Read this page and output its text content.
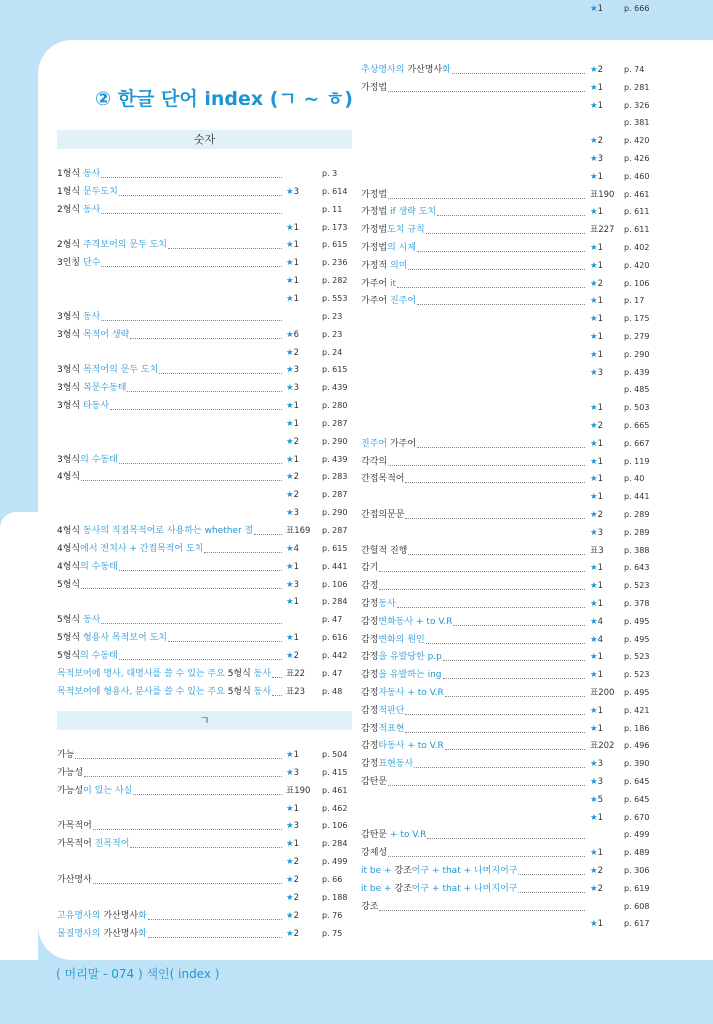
② 한글 단어 index (ㄱ ~ ㅎ)
숫자
ㄱ
1형식 동사	p. 3
1형식 문두도치	★3	p. 614
2형식 동사	p. 11
★1	p. 173
2형식 주격보어의 문두 도치	★1	p. 615
3인칭 단수	★1	p. 236
★1	p. 282
★1	p. 553
3형식 동사	p. 23
3형식 목적어 생략	★6	p. 23
★2	p. 24
3형식 목적어의 문두 도치	★3	p. 615
3형식 복문수동태	★3	p. 439
3형식 타동사	★1	p. 280
★1	p. 287
★2	p. 290
3형식의 수동태	★1	p. 439
4형식	★2	p. 283
★2	p. 287
★3	p. 290
4형식 동사의 직접목적어로 사용하는 whether 절	표169 p. 287
4형식에서 전치사 + 간접목적어 도치	★4	p. 615
4형식의 수동태	★1	p. 441
5형식	★3	p. 106
★1	p. 284
5형식 동사	p. 47
5형식 형용사 목적보어 도치	★1	p. 616
5형식의 수동태	★2	p. 442
목적보어에 명사, 대명사를 쓸 수 있는 주요 5형식 동사 표22 p. 47
목적보어에 형용사, 분사를 쓸 수 있는 주요 5형식 동사 표23 p. 48
가능	★1	p. 504
가능성	★3	p. 415
가능성이 있는 사실	표190 p. 461
★1	p. 462
가목적어	★3	p. 106
가목적어 진목적어	★1	p. 284
★2	p. 499
가산명사	★2	p. 66
★2	p. 188
고유명사의 가산명사화	★2	p. 76
물질명사의 가산명사화	★2	p. 75
추상명사의 가산명사화	★2	p. 74
가정법	★1	p. 281
★1	p. 326
p. 381
★2	p. 420
★3	p. 426
★1	p. 460
가정법	표190 p. 461
가정법 if 생략 도치	★1	p. 611
가정법도치 규칙	표227 p. 611
가정법의 시제	★1	p. 402
가정적 의미	★1	p. 420
가주어 it	★2	p. 106
가주어 진주어	★1	p. 17
★1	p. 175
★1	p. 279
★1	p. 290
★3	p. 439
p. 485
★1	p. 503
★2	p. 665
진주어 가주어	★1	p. 667
각각의	★1	p. 119
간접목적어	★1	p. 40
★1	p. 441
간접의문문	★2	p. 289
★3	p. 289
간헐적 진행	표3	p. 388
감기	★1	p. 643
감정	★1	p. 523
감정동사	★1	p. 378
감정변화동사 + to V.R	★4	p. 495
감정변화의 원인	★4	p. 495
감정을 유발당한 p.p	★1	p. 523
감정을 유발하는 ing	★1	p. 523
감정자동사 + to V.R	표200 p. 495
감정적판단	★1	p. 421
감정적표현	★1	p. 186
감정타동사 + to V.R	표202 p. 496
감정표현동사	★3	p. 390
감탄문	★3	p. 645
★5	p. 645
★1	p. 670
감탄문 + to V.R	p. 499
강제성	★1	p. 489
it be + 강조어구 + that + 나머지어구	★2	p. 306
it be + 강조어구 + that + 나머지어구	★2	p. 619
강조	p. 608
★1	p. 617
★1	p. 666
( 머리말 - 074 ) 색인( index )
